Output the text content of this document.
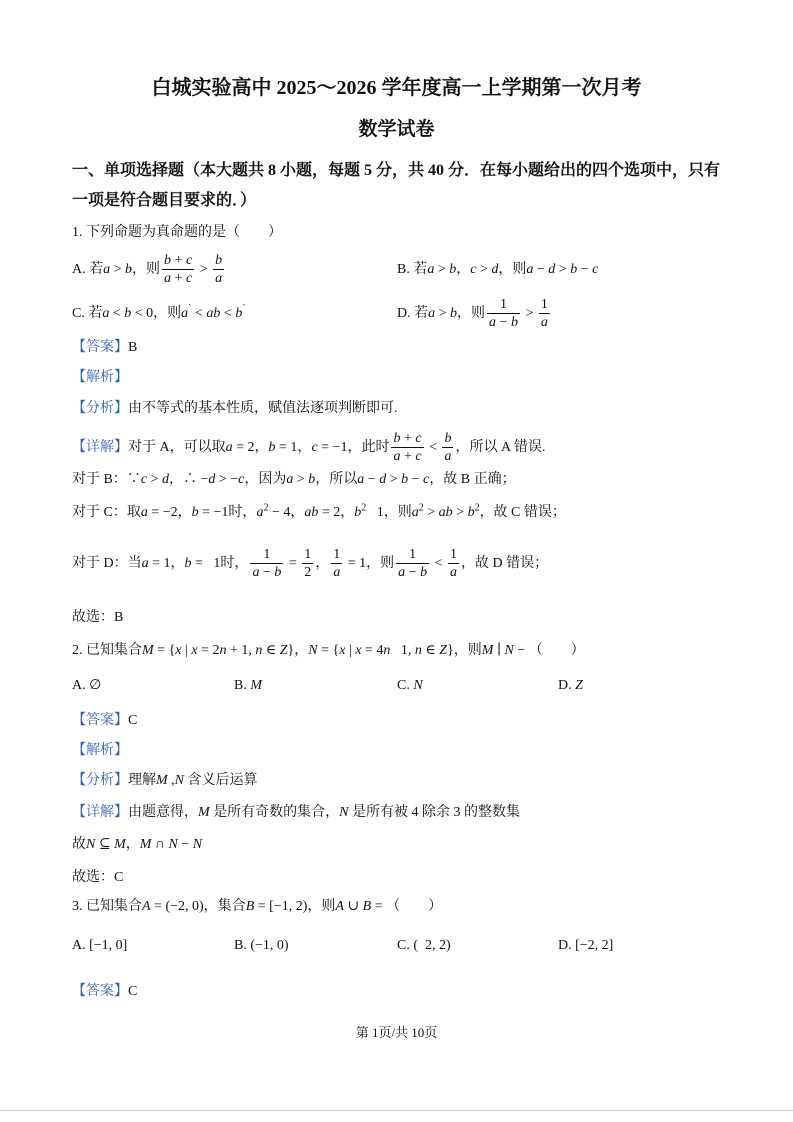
白城实验高中 2025～2026 学年度高一上学期第一次月考
数学试卷
一、单项选择题（本大题共 8 小题，每题 5 分，共 40 分．在每小题给出的四个选项中，只有
一项是符合题目要求的．）
1. 下列命题为真命题的是（　　）
A. 若a > b，则 $\frac{b + c}{a + c} > \frac{b}{a}$	B. 若a > b，c > d，则a − d > b − c
C. 若a < b < 0，则a` < ab < b`	D. 若a > b，则 $\frac{1}{a - b} > \frac{1}{a}$
【答案】B
【解析】
【分析】由不等式的基本性质，赋值法逐项判断即可.
【详解】对于 A，可以取a = 2，b = 1，c = −1，此时 $\frac{b + c}{a + c} < \frac{b}{a}$ ，所以 A 错误.
对于 B：∵c > d，∴ −d > −c，因为a > b，所以a − d > b − c，故 B 正确；
对于 C：取a = −2，b = −1时，$a^2 - 4$，ab = 2，$b^2$   1，则$a^2$ > ab > $b^2$，故 C 错误；
对于 D：当a = 1，b =   1时， $\frac{1}{a - b} = \frac{1}{2}$ ， $\frac{1}{a} = 1$，则 $\frac{1}{a - b} < \frac{1}{a}$ ，故 D 错误；
故选：B
2. 已知集合M = {x | x = 2n + 1, n ∈ Z}，N = {x | x = 4n   1, n ∈ Z}，则M ∣ N − （　　）
A. ∅	B. M	C. N	D. Z
【答案】C
【解析】
【分析】理解M ,N 含义后运算
【详解】由题意得，M 是所有奇数的集合，N 是所有被 4 除余 3 的整数集
故N ⊆ M，M ∩ N − N
故选：C
3. 已知集合A = (−2, 0)，集合B = [−1, 2)，则A ∪ B = （　　）
A. [−1, 0]	B. (−1, 0)	C. (  2, 2)	D. [−2, 2]
【答案】C
第 1页/共 10页
